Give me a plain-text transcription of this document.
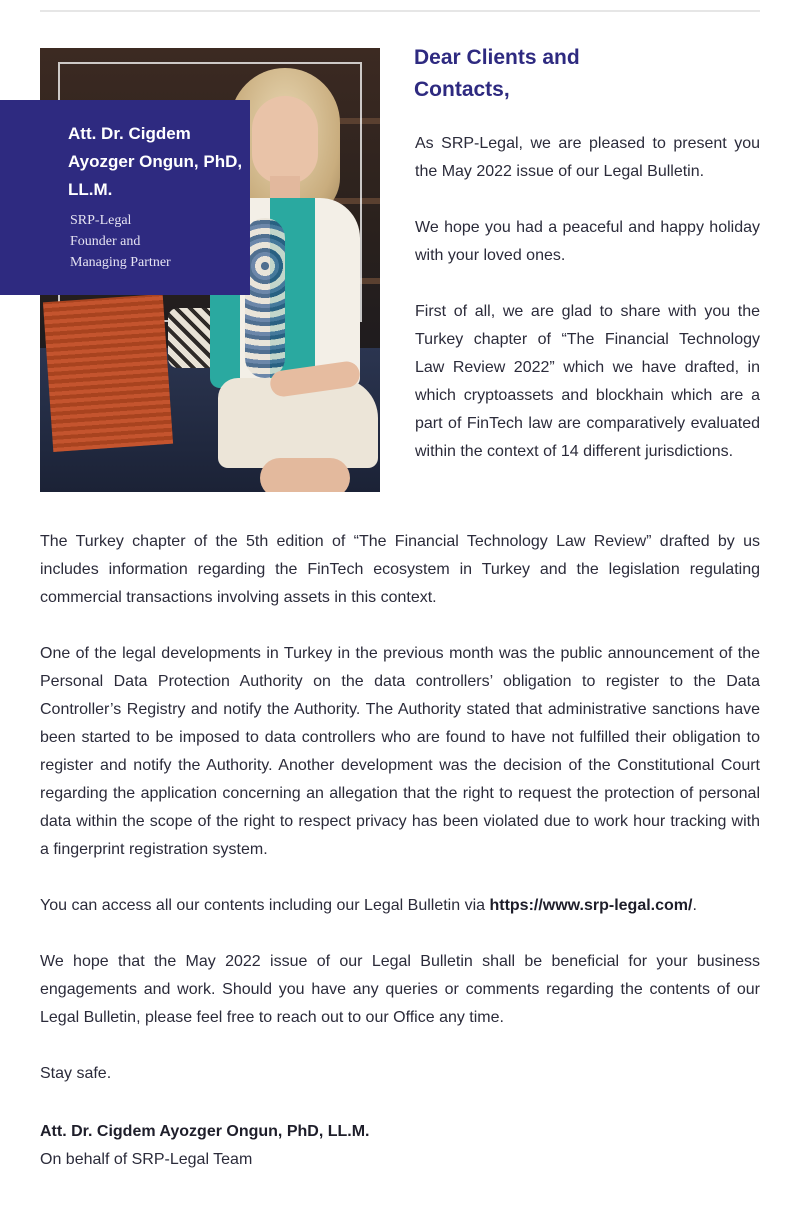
Att. Dr. Cigdem Ayozger Ongun, PhD, LL.M.
SRP-Legal
Founder and
Managing Partner
Dear Clients and Contacts,
As SRP-Legal, we are pleased to present you the May 2022 issue of our Legal Bulletin.
We hope you had a peaceful and happy holiday with your loved ones.
First of all, we are glad to share with you the Turkey chapter of “The Financial Technology Law Review 2022” which we have drafted, in which cryptoassets and blockhain which are a part of FinTech law are comparatively evaluated within the context of 14 different jurisdictions.
The Turkey chapter of the 5th edition of “The Financial Technology Law Review” drafted by us includes information regarding the FinTech ecosystem in Turkey and the legislation regulating commercial transactions involving assets in this context.
One of the legal developments in Turkey in the previous month was the public announcement of the Personal Data Protection Authority on the data controllers’ obligation to register to the Data Controller’s Registry and notify the Authority. The Authority stated that administrative sanctions have been started to be imposed to data controllers who are found to have not fulfilled their obligation to register and notify the Authority. Another development was the decision of the Constitutional Court regarding the application concerning an allegation that the right to request the protection of personal data within the scope of the right to respect privacy has been violated due to work hour tracking with a fingerprint registration system.
You can access all our contents including our Legal Bulletin via https://www.srp-legal.com/.
We hope that the May 2022 issue of our Legal Bulletin shall be beneficial for your business engagements and work. Should you have any queries or comments regarding the contents of our Legal Bulletin, please feel free to reach out to our Office any time.
Stay safe.
Att. Dr. Cigdem Ayozger Ongun, PhD, LL.M.
On behalf of SRP-Legal Team
